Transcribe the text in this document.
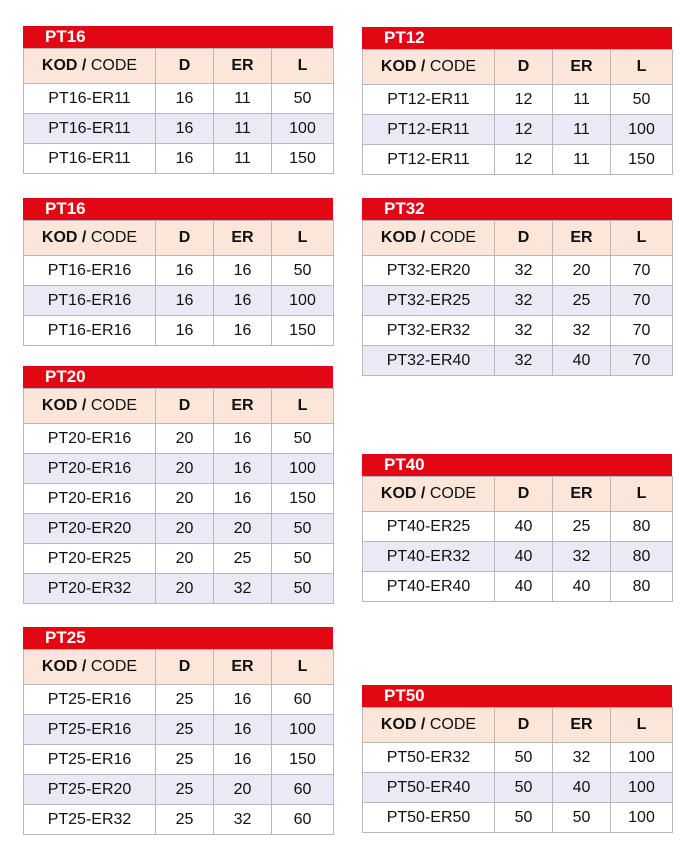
PT16
KOD / CODE	D	ER	L
PT16-ER11	16	11	50
PT16-ER11	16	11	100
PT16-ER11	16	11	150
PT12
KOD / CODE	D	ER	L
PT12-ER11	12	11	50
PT12-ER11	12	11	100
PT12-ER11	12	11	150
PT16
KOD / CODE	D	ER	L
PT16-ER16	16	16	50
PT16-ER16	16	16	100
PT16-ER16	16	16	150
PT32
KOD / CODE	D	ER	L
PT32-ER20	32	20	70
PT32-ER25	32	25	70
PT32-ER32	32	32	70
PT32-ER40	32	40	70
PT20
KOD / CODE	D	ER	L
PT20-ER16	20	16	50
PT20-ER16	20	16	100
PT20-ER16	20	16	150
PT20-ER20	20	20	50
PT20-ER25	20	25	50
PT20-ER32	20	32	50
PT40
KOD / CODE	D	ER	L
PT40-ER25	40	25	80
PT40-ER32	40	32	80
PT40-ER40	40	40	80
PT25
KOD / CODE	D	ER	L
PT25-ER16	25	16	60
PT25-ER16	25	16	100
PT25-ER16	25	16	150
PT25-ER20	25	20	60
PT25-ER32	25	32	60
PT50
KOD / CODE	D	ER	L
PT50-ER32	50	32	100
PT50-ER40	50	40	100
PT50-ER50	50	50	100
